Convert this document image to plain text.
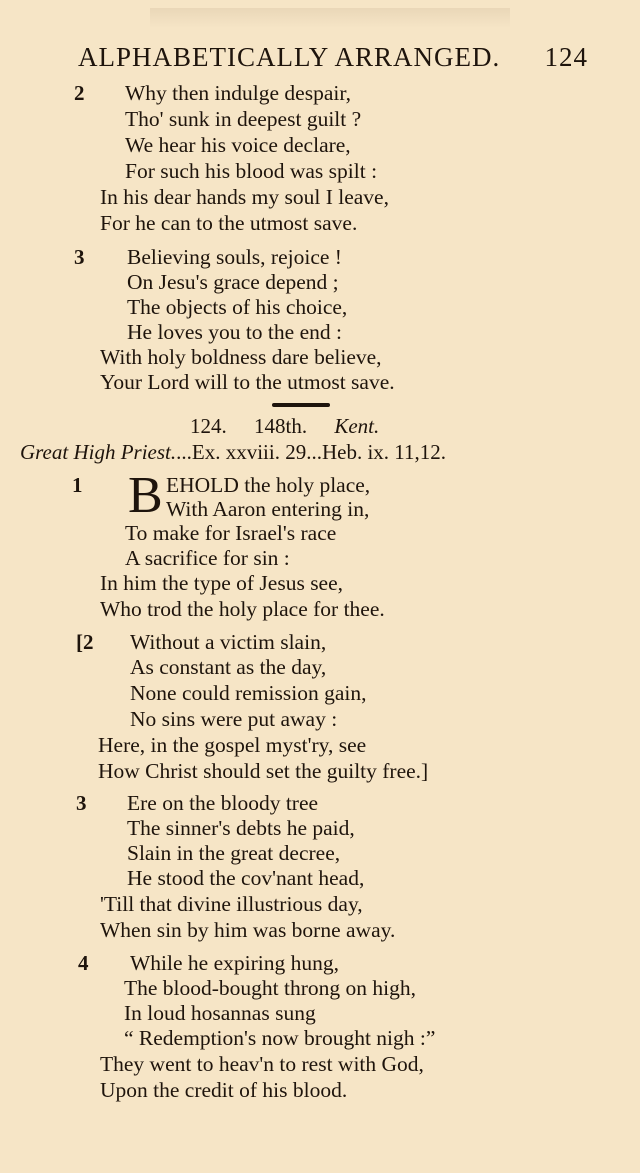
ALPHABETICALLY ARRANGED. 124
2 Why then indulge despair,
Tho' sunk in deepest guilt ?
We hear his voice declare,
For such his blood was spilt :
In his dear hands my soul I leave,
For he can to the utmost save.
3 Believing souls, rejoice !
On Jesu's grace depend ;
The objects of his choice,
He loves you to the end :
With holy boldness dare believe,
Your Lord will to the utmost save.
124. 148th. Kent.
Great High Priest....Ex. xxviii. 29...Heb. ix. 11,12.
1 B EHOLD the holy place,
With Aaron entering in,
To make for Israel's race
A sacrifice for sin :
In him the type of Jesus see,
Who trod the holy place for thee.
[2 Without a victim slain,
As constant as the day,
None could remission gain,
No sins were put away :
Here, in the gospel myst'ry, see
How Christ should set the guilty free.]
3 Ere on the bloody tree
The sinner's debts he paid,
Slain in the great decree,
He stood the cov'nant head,
'Till that divine illustrious day,
When sin by him was borne away.
4 While he expiring hung,
The blood-bought throng on high,
In loud hosannas sung
“ Redemption's now brought nigh :”
They went to heav'n to rest with God,
Upon the credit of his blood.
